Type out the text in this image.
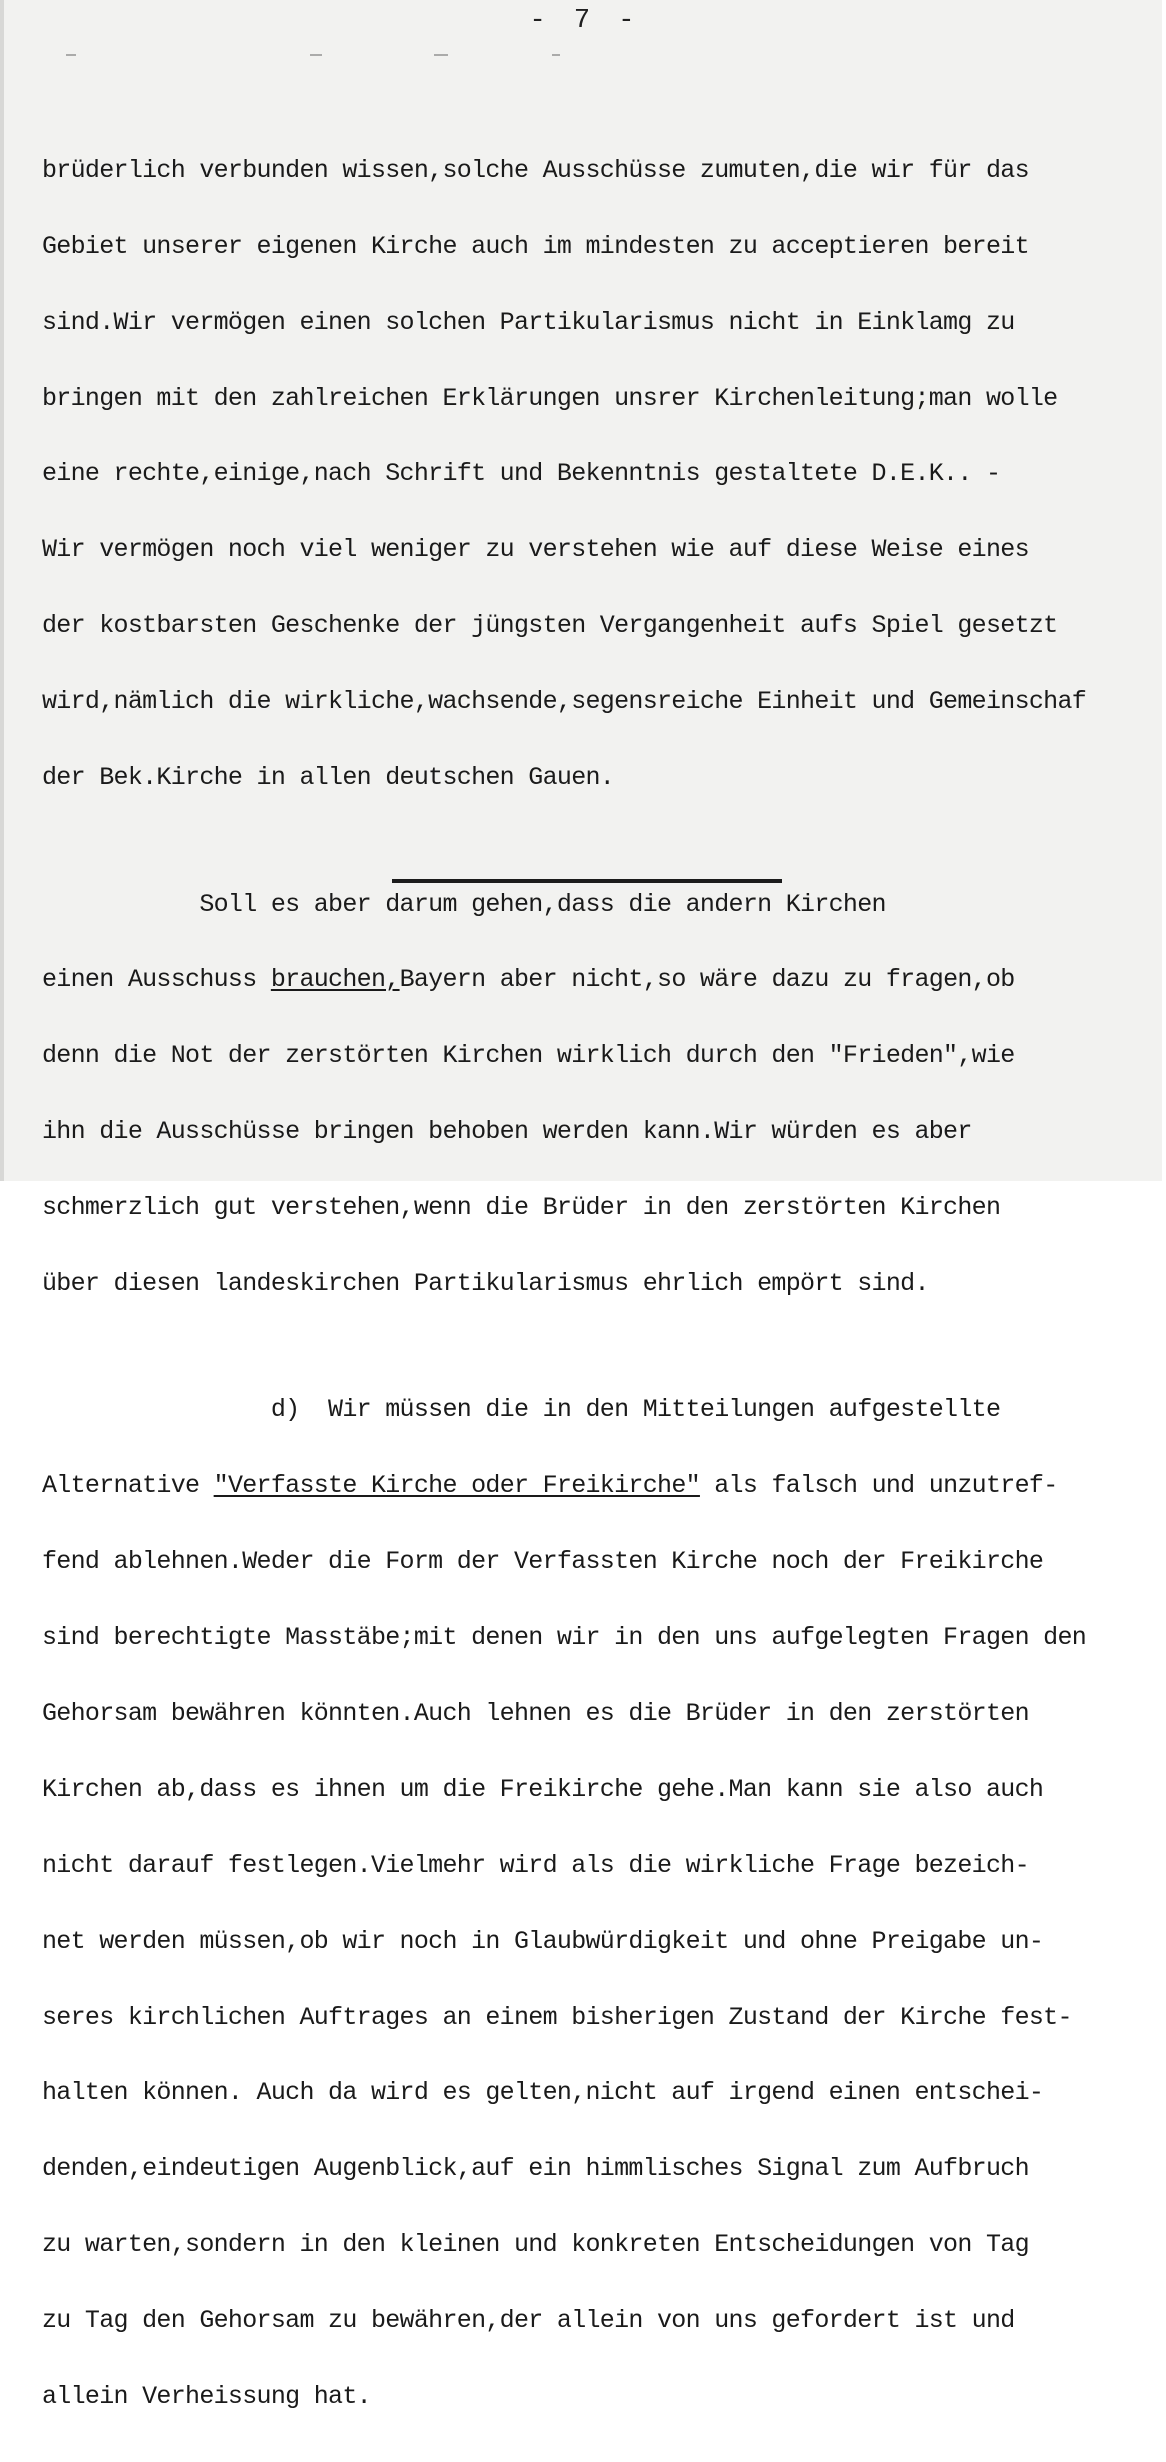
- 7 -

brüderlich verbunden wissen,solche Ausschüsse zumuten,die wir für das

Gebiet unserer eigenen Kirche auch im mindesten zu acceptieren bereit

sind.Wir vermögen einen solchen Partikularismus nicht in Einklamg zu

bringen mit den zahlreichen Erklärungen unsrer Kirchenleitung;man wolle

eine rechte,einige,nach Schrift und Bekenntnis gestaltete D.E.K.. -

Wir vermögen noch viel weniger zu verstehen wie auf diese Weise eines

der kostbarsten Geschenke der jüngsten Vergangenheit aufs Spiel gesetzt

wird,nämlich die wirkliche,wachsende,segensreiche Einheit und Gemeinschaf

der Bek.Kirche in allen deutschen Gauen.

Soll es aber darum gehen,dass die andern Kirchen

einen Ausschuss brauchen,Bayern aber nicht,so wäre dazu zu fragen,ob

denn die Not der zerstörten Kirchen wirklich durch den "Frieden",wie

ihn die Ausschüsse bringen behoben werden kann.Wir würden es aber

schmerzlich gut verstehen,wenn die Brüder in den zerstörten Kirchen

über diesen landeskirchen Partikularismus ehrlich empört sind.

d)  Wir müssen die in den Mitteilungen aufgestellte

Alternative "Verfasste Kirche oder Freikirche" als falsch und unzutref-

fend ablehnen.Weder die Form der Verfassten Kirche noch der Freikirche

sind berechtigte Masstäbe;mit denen wir in den uns aufgelegten Fragen den

Gehorsam bewähren könnten.Auch lehnen es die Brüder in den zerstörten

Kirchen ab,dass es ihnen um die Freikirche gehe.Man kann sie also auch

nicht darauf festlegen.Vielmehr wird als die wirkliche Frage bezeich-

net werden müssen,ob wir noch in Glaubwürdigkeit und ohne Preigabe un-

seres kirchlichen Auftrages an einem bisherigen Zustand der Kirche fest-

halten können. Auch da wird es gelten,nicht auf irgend einen entschei-

denden,eindeutigen Augenblick,auf ein himmlisches Signal zum Aufbruch

zu warten,sondern in den kleinen und konkreten Entscheidungen von Tag

zu Tag den Gehorsam zu bewähren,der allein von uns gefordert ist und

allein Verheissung hat.
